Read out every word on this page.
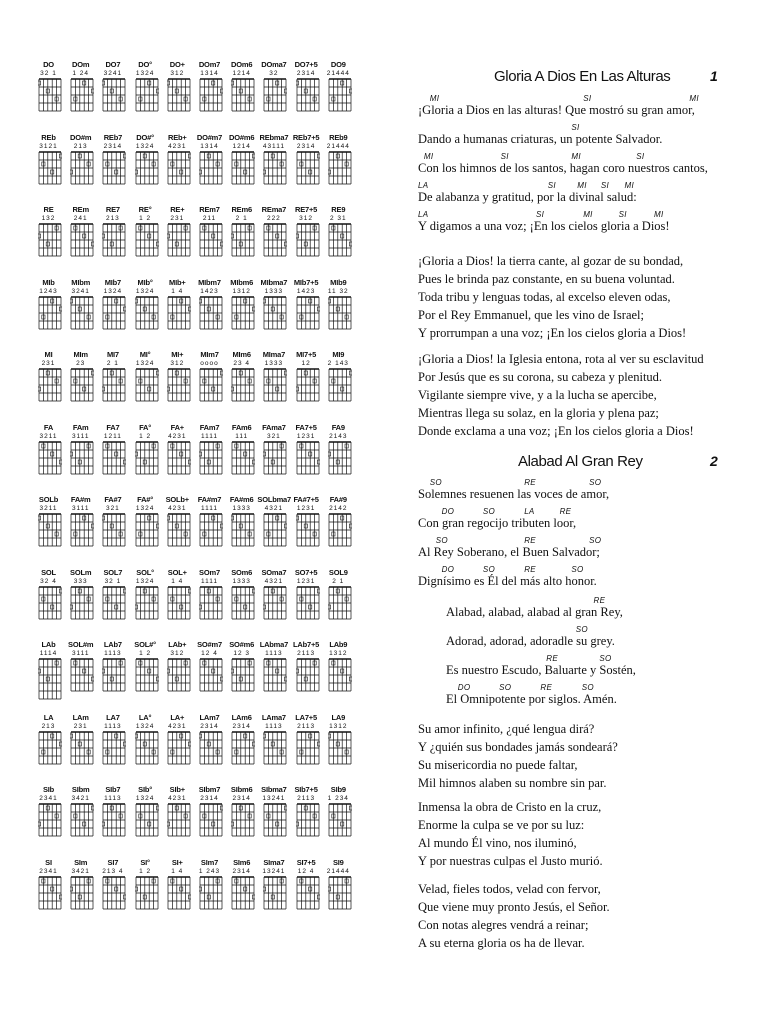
DO
32 1
DOm
1 24
DO7
3241
DO°
1324
DO+
312
DOm7
1314
DOm6
1214
DOma7
32
DO7+5
2314
DO9
21444
REb
3121
DO#m
213
REb7
2314
DO#°
1324
REb+
4231
DO#m7
1314
DO#m6
1214
REbma7
43111
REb7+5
2314
REb9
21444
RE
132
REm
241
RE7
213
RE°
1 2
RE+
231
REm7
211
REm6
2 1
REma7
222
RE7+5
312
RE9
2 31
MIb
1243
MIbm
3241
MIb7
1324
MIb°
1324
MIb+
1 4
MIbm7
1423
MIbm6
1312
MIbma7
1333
MIb7+5
1423
MIb9
11 32
MI
231
MIm
23
MI7
2 1
MI°
1324
MI+
312
MIm7
oooo
MIm6
23 4
MIma7
1333
MI7+5
12
MI9
2 143
FA
3211
FAm
3111
FA7
1211
FA°
1 2
FA+
4231
FAm7
1111
FAm6
111
FAma7
321
FA7+5
1231
FA9
2143
SOLb
3211
FA#m
3111
FA#7
321
FA#°
1324
SOLb+
4231
FA#m7
1111
FA#m6
1333
SOLbma7
4321
FA#7+5
1231
FA#9
2142
SOL
32 4
SOLm
333
SOL7
32 1
SOL°
1324
SOL+
1 4
SOm7
1111
SOm6
1333
SOma7
4321
SO7+5
1231
SOL9
2 1
LAb
1114
SOL#m
3111
LAb7
1113
SOL#°
1 2
LAb+
312
SO#m7
12 4
SO#m6
12 3
LAbma7
1113
LAb7+5
2113
LAb9
1312
LA
213
LAm
231
LA7
1113
LA°
1324
LA+
4231
LAm7
2314
LAm6
2314
LAma7
1113
LA7+5
2113
LA9
1312
SIb
2341
SIbm
3421
SIb7
1113
SIb°
1324
SIb+
4231
SIbm7
2314
SIbm6
2314
SIbma7
13241
SIb7+5
2113
SIb9
1 234
SI
2341
SIm
3421
SI7
213 4
SI°
1 2
SI+
1 4
SIm7
1 243
SIm6
2314
SIma7
13241
SI7+5
12 4
SI9
21444
Gloria A Dios En Las Alturas	1
MI	SI	MI
¡Gloria a Dios en las alturas! Que mostró su gran amor,
SI
Dando a humanas criaturas, un potente Salvador.
MI	SI	MI	SI
Con los himnos de los santos, hagan coro nuestros cantos,
LA	SI	MI SI MI
De alabanza y gratitud, por la divinal salud:
LA	SI	MI	SI	MI
Y digamos a una voz; ¡En los cielos gloria a Dios!
¡Gloria a Dios! la tierra cante, al gozar de su bondad,
Pues le brinda paz constante, en su buena voluntad.
Toda tribu y lenguas todas, al excelso eleven odas,
Por el Rey Emmanuel, que les vino de Israel;
Y prorrumpan a una voz; ¡En los cielos gloria a Dios!
¡Gloria a Dios! la Iglesia entona, rota al ver su esclavitud
Por Jesús que es su corona, su cabeza y plenitud.
Vigilante siempre vive, y a la lucha se apercibe,
Mientras llega su solaz, en la gloria y plena paz;
Donde exclama a una voz; ¡En los cielos gloria a Dios!
Alabad Al Gran Rey	2
SO	RE	SO
Solemnes resuenen las voces de amor,
DO	SO	LA	RE
Con gran regocijo tributen loor,
SO	RE	SO
Al Rey Soberano, el Buen Salvador;
DO	SO	RE	SO
Dignísimo es Él del más alto honor.
RE
Alabad, alabad, alabad al gran Rey,
SO
Adorad, adorad, adoradle su grey.
RE	SO
Es nuestro Escudo, Baluarte y Sostén,
DO	SO	RE	SO
El Omnipotente por siglos. Amén.
Su amor infinito, ¿qué lengua dirá?
Y ¿quién sus bondades jamás sondeará?
Su misericordia no puede faltar,
Mil himnos alaben su nombre sin par.
Inmensa la obra de Cristo en la cruz,
Enorme la culpa se ve por su luz:
Al mundo Él vino, nos iluminó,
Y por nuestras culpas el Justo murió.
Velad, fieles todos, velad con fervor,
Que viene muy pronto Jesús, el Señor.
Con notas alegres vendrá a reinar;
A su eterna gloria os ha de llevar.
